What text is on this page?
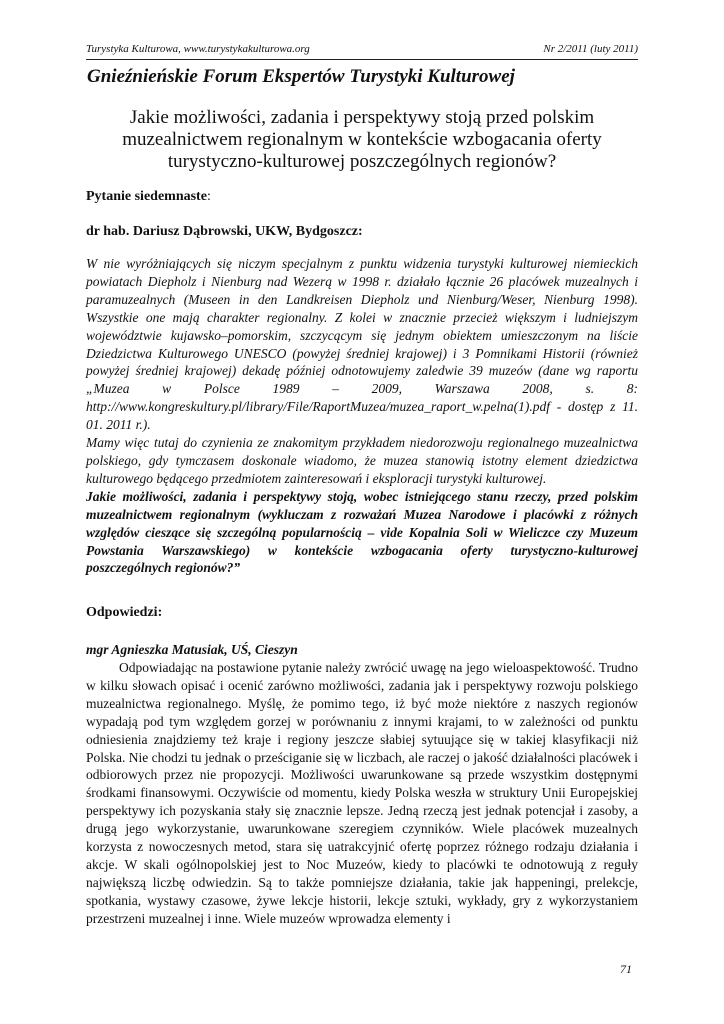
Turystyka Kulturowa, www.turystykakulturowa.org	Nr 2/2011 (luty 2011)
Gnieźnieńskie Forum Ekspertów Turystyki Kulturowej
Jakie możliwości, zadania i perspektywy stoją przed polskim muzealnictwem regionalnym w kontekście wzbogacania oferty turystyczno-kulturowej poszczególnych regionów?

Pytanie siedemnaste:

dr hab. Dariusz Dąbrowski, UKW, Bydgoszcz:

W nie wyróżniających się niczym specjalnym z punktu widzenia turystyki kulturowej niemieckich powiatach Diepholz i Nienburg nad Wezerą w 1998 r. działało łącznie 26 placówek muzealnych i paramuzealnych (Museen in den Landkreisen Diepholz und Nienburg/Weser, Nienburg 1998). Wszystkie one mają charakter regionalny. Z kolei w znacznie przecież większym i ludniejszym województwie kujawsko–pomorskim, szczycącym się jednym obiektem umieszczonym na liście Dziedzictwa Kulturowego UNESCO (powyżej średniej krajowej) i 3 Pomnikami Historii (również powyżej średniej krajowej) dekadę później odnotowujemy zaledwie 39 muzeów (dane wg raportu „Muzea w Polsce 1989 – 2009, Warszawa 2008, s. 8: http://www.kongreskultury.pl/library/File/RaportMuzea/muzea_raport_w.pelna(1).pdf - dostęp z 11. 01. 2011 r.).

Mamy więc tutaj do czynienia ze znakomitym przykładem niedorozwoju regionalnego muzealnictwa polskiego, gdy tymczasem doskonale wiadomo, że muzea stanowią istotny element dziedzictwa kulturowego będącego przedmiotem zainteresowań i eksploracji turystyki kulturowej.

Jakie możliwości, zadania i perspektywy stoją, wobec istniejącego stanu rzeczy, przed polskim muzealnictwem regionalnym (wykluczam z rozważań Muzea Narodowe i placówki z różnych względów cieszące się szczególną popularnością – vide Kopalnia Soli w Wieliczce czy Muzeum Powstania Warszawskiego) w kontekście wzbogacania oferty turystyczno-kulturowej poszczególnych regionów?”

Odpowiedzi:

mgr Agnieszka Matusiak, UŚ, Cieszyn

Odpowiadając na postawione pytanie należy zwrócić uwagę na jego wieloaspektowość. Trudno w kilku słowach opisać i ocenić zarówno możliwości, zadania jak i perspektywy rozwoju polskiego muzealnictwa regionalnego. Myślę, że pomimo tego, iż być może niektóre z naszych regionów wypadają pod tym względem gorzej w porównaniu z innymi krajami, to w zależności od punktu odniesienia znajdziemy też kraje i regiony jeszcze słabiej sytuujące się w takiej klasyfikacji niż Polska. Nie chodzi tu jednak o prześciganie się w liczbach, ale raczej o jakość działalności placówek i odbiorowych przez nie propozycji. Możliwości uwarunkowane są przede wszystkim dostępnymi środkami finansowymi. Oczywiście od momentu, kiedy Polska weszła w struktury Unii Europejskiej perspektywy ich pozyskania stały się znacznie lepsze. Jedną rzeczą jest jednak potencjał i zasoby, a drugą jego wykorzystanie, uwarunkowane szeregiem czynników. Wiele placówek muzealnych korzysta z nowoczesnych metod, stara się uatrakcyjnić ofertę poprzez różnego rodzaju działania i akcje. W skali ogólnopolskiej jest to Noc Muzeów, kiedy to placówki te odnotowują z reguły największą liczbę odwiedzin. Są to także pomniejsze działania, takie jak happeningi, prelekcje, spotkania, wystawy czasowe, żywe lekcje historii, lekcje sztuki, wykłady, gry z wykorzystaniem przestrzeni muzealnej i inne. Wiele muzeów wprowadza elementy i

71
